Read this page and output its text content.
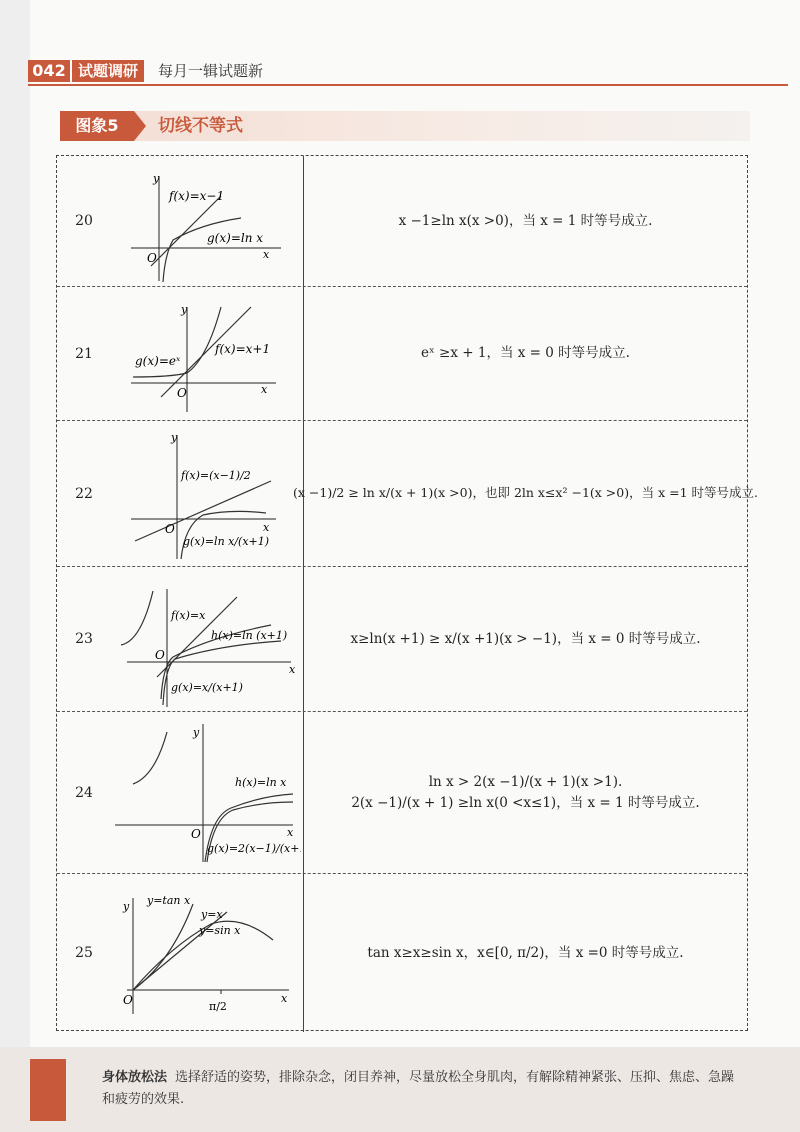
042 试题调研	每月一辑试题新
图象5	切线不等式
20
y
f(x)=x−1
g(x)=ln x
O	x
x −1≥ln x(x >0)，当 x = 1 时等号成立.
21
y
g(x)=eˣ
f(x)=x+1
O	x
eˣ ≥x + 1，当 x = 0 时等号成立.
22
y
f(x)=(x−1)/2
g(x)=ln x/(x+1)
O	x
(x −1)/2 ≥ ln x/(x + 1)(x >0)，也即 2ln x≤x² −1(x >0)，当 x =1 时等号成立.
23
f(x)=x
h(x)=ln (x+1)
g(x)=x/(x+1)
O
x
x≥ln(x +1) ≥ x/(x +1)(x > −1)，当 x = 0 时等号成立.
24
y
h(x)=ln x
g(x)=2(x−1)/(x+1)
O	x
ln x > 2(x −1)/(x + 1)(x >1).
2(x −1)/(x + 1) ≥ln x(0 <x≤1)，当 x = 1 时等号成立.
25
y=tan x
y=x
y=sin x
y
O	x
π/2
tan x≥x≥sin x，x∈[0, π/2)，当 x =0 时等号成立.
身体放松法 选择舒适的姿势，排除杂念，闭目养神，尽量放松全身肌肉，有解除精神紧张、压抑、焦虑、急躁和疲劳的效果.
